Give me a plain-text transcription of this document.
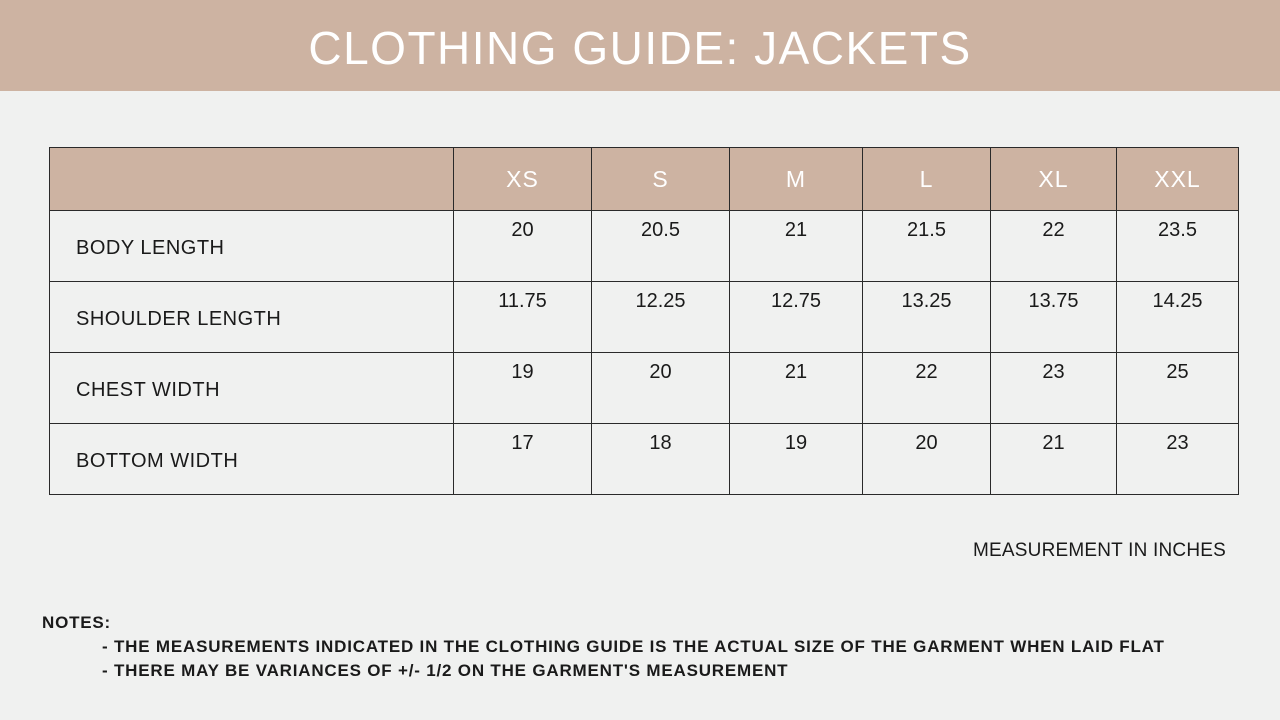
CLOTHING GUIDE: JACKETS
	XS	S	M	L	XL	XXL
BODY LENGTH	20	20.5	21	21.5	22	23.5
SHOULDER LENGTH	11.75	12.25	12.75	13.25	13.75	14.25
CHEST WIDTH	19	20	21	22	23	25
BOTTOM WIDTH	17	18	19	20	21	23
MEASUREMENT IN INCHES
NOTES:
- THE MEASUREMENTS INDICATED IN THE CLOTHING GUIDE IS THE ACTUAL SIZE OF THE GARMENT WHEN LAID FLAT
- THERE MAY BE VARIANCES OF +/- 1/2 ON THE GARMENT'S MEASUREMENT
